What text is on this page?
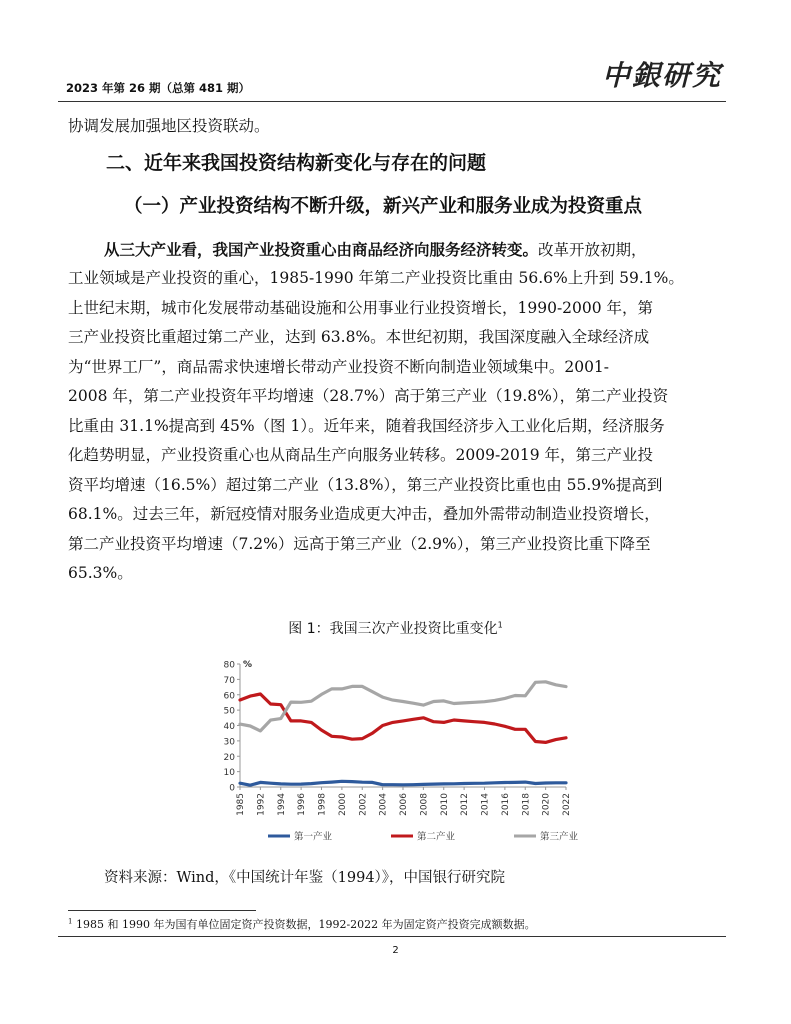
2023 年第 26 期（总第 481 期）	中銀研究

协调发展加强地区投资联动。

二、近年来我国投资结构新变化与存在的问题
（一）产业投资结构不断升级，新兴产业和服务业成为投资重点

从三大产业看，我国产业投资重心由商品经济向服务经济转变。改革开放初期，

工业领域是产业投资的重心，1985-1990 年第二产业投资比重由 56.6%上升到 59.1%。

上世纪末期，城市化发展带动基础设施和公用事业行业投资增长，1990-2000 年，第

三产业投资比重超过第二产业，达到 63.8%。本世纪初期，我国深度融入全球经济成

为“世界工厂”，商品需求快速增长带动产业投资不断向制造业领域集中。2001-

2008 年，第二产业投资年平均增速（28.7%）高于第三产业（19.8%），第二产业投资

比重由 31.1%提高到 45%（图 1）。近年来，随着我国经济步入工业化后期，经济服务

化趋势明显，产业投资重心也从商品生产向服务业转移。2009-2019 年，第三产业投

资平均增速（16.5%）超过第二产业（13.8%），第三产业投资比重也由 55.9%提高到

68.1%。过去三年，新冠疫情对服务业造成更大冲击，叠加外需带动制造业投资增长，

第二产业投资平均增速（7.2%）远高于第三产业（2.9%），第三产业投资比重下降至

65.3%。

图 1：我国三次产业投资比重变化$^1$
0
10
20
30
40
50
60
70
80 %
1985 1992 1994 1996 1998 2000 2002 2004 2006 2008 2010 2012 2014 2016 2018 2020 2022
第一产业	第二产业	第三产业
资料来源：Wind，《中国统计年鉴（1994）》，中国银行研究院
$^1$ 1985 和 1990 年为国有单位固定资产投资数据，1992-2022 年为固定资产投资完成额数据。
2
